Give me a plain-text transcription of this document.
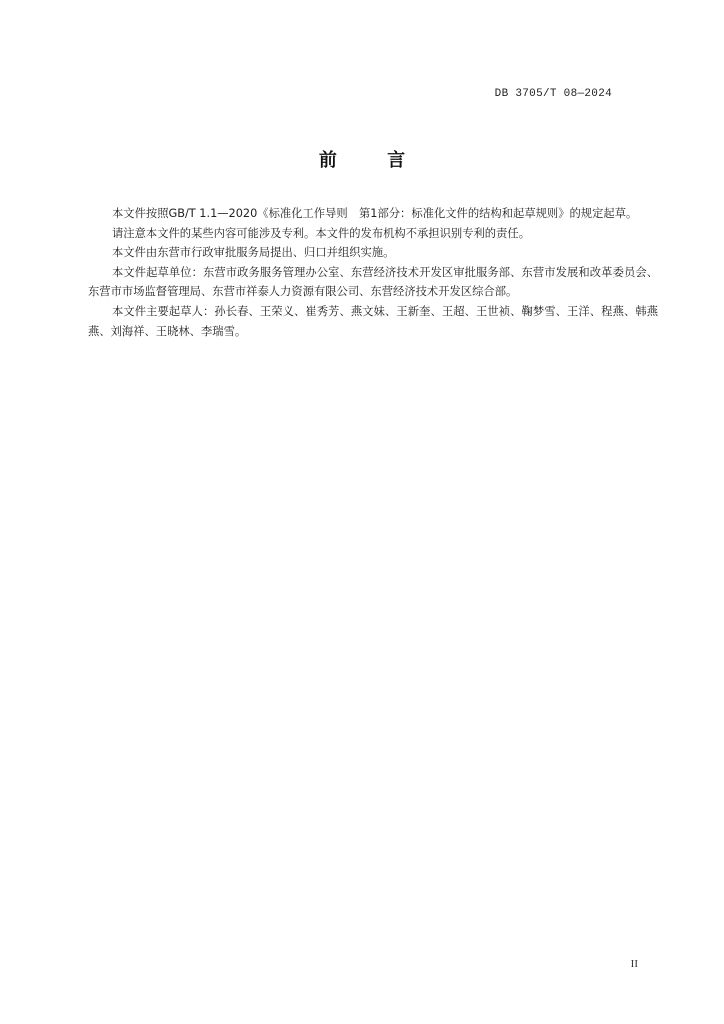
DB 3705/T 08—2024
前 言

本文件按照GB/T 1.1—2020《标准化工作导则　第1部分：标准化文件的结构和起草规则》的规定起草。

请注意本文件的某些内容可能涉及专利。本文件的发布机构不承担识别专利的责任。

本文件由东营市行政审批服务局提出、归口并组织实施。

本文件起草单位：东营市政务服务管理办公室、东营经济技术开发区审批服务部、东营市发展和改革委员会、东营市市场监督管理局、东营市祥泰人力资源有限公司、东营经济技术开发区综合部。

本文件主要起草人：孙长春、王荣义、崔秀芳、燕文妹、王新奎、王超、王世祯、鞠梦雪、王洋、程燕、韩燕燕、刘海祥、王晓林、李瑞雪。

II
